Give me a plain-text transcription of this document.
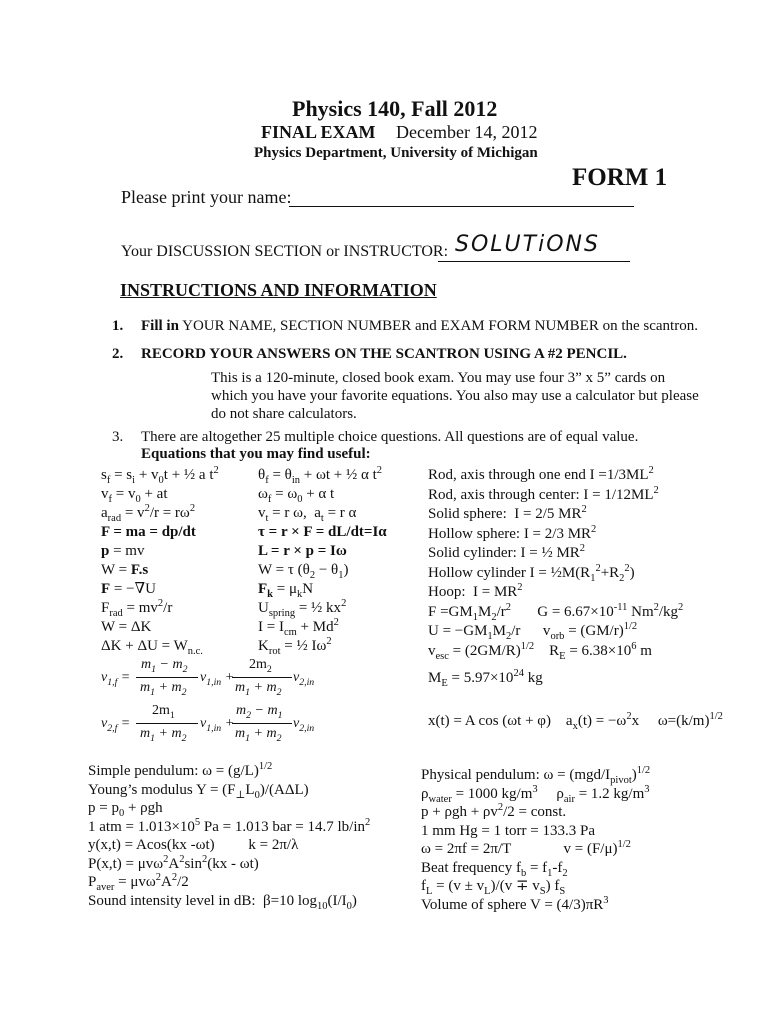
Physics 140, Fall 2012
FINAL EXAM December 14, 2012
Physics Department, University of Michigan
FORM 1
Please print your name:
Your DISCUSSION SECTION or INSTRUCTOR: SOLUTiONS
INSTRUCTIONS AND INFORMATION
1. Fill in YOUR NAME, SECTION NUMBER and EXAM FORM NUMBER on the scantron.
2. RECORD YOUR ANSWERS ON THE SCANTRON USING A #2 PENCIL.
This is a 120-minute, closed book exam. You may use four 3” x 5” cards on
which you have your favorite equations. You also may use a calculator but please
do not share calculators.
3. There are altogether 25 multiple choice questions. All questions are of equal value.
Equations that you may find useful:
$s_f = s_i + v_0t$ + ½ a $t^2$
$v_f = v_0$ + at
$a_{rad} = v^2/r = r\omega^2$
F = ma = dp/dt
p = mv
W = F.s
F = −∇U
$F_{rad} = mv^2/r$
W = ΔK
$\Delta K + \Delta U = W_{n.c.}$
$\theta_f = \theta_{in} + \omega t$ + ½ α $t^2$
$\omega_f = \omega_0 + \alpha$ t
$v_t = r$ ω,  $a_t = r$ α
τ = r × F = dL/dt=Iα
L = r × p = Iω
W = τ $(\theta_2 - \theta_1)$
$F_k = \mu_kN$
$U_{spring}$ = ½ $kx^2$
$I = I_{cm} + Md^2$
$K_{rot}$ = ½ $I\omega^2$
Rod, axis through one end $I =1/3ML^2$
Rod, axis through center: $I = 1/12ML^2$
Solid sphere:  I = 2/5 $MR^2$
Hollow sphere: I = 2/3 $MR^2$
Solid cylinder: I = ½ $MR^2$
Hollow cylinder $I = \frac{1}{2}M(R_1^2+R_2^2)$
Hoop:  $I = MR^2$
$F =GM_1M_2/r^2$       $G = 6.67\times 10^{-11}$ $Nm^2/kg^2$
$U = -GM_1M_2/r$      $v_{orb} = (GM/r)^{1/2}$
$v_{esc} = (2GM/R)^{1/2}$    $R_E = 6.38\times 10^6$ m
$v_{1,f}$ =
$m_1 - m_2$
$m_1 + m_2$
$v_{1,in}$ +
$2m_2$
$m_1 + m_2$
$v_{2,in}$
$v_{2,f}$ =
$2m_1$
$m_1 + m_2$
$v_{1,in}$ +
$m_2 - m_1$
$m_1 + m_2$
$v_{2,in}$
$M_E = 5.97\times 10^{24}$ kg
x(t) = A cos (ωt + φ)    $a_x(t) = -\omega^2x$     $\omega=(k/m)^{1/2}$
Simple pendulum: $\omega = (g/L)^{1/2}$
Young’s modulus $Y = (F_\perp L_0)/(A\Delta L)$
$p = p_0 + \rho gh$
1 atm = $1.013\times 10^5$ Pa = 1.013 bar = 14.7 $lb/in^2$
y(x,t) = Acos(kx -ωt)         k = 2π/λ
$P(x,t) = \mu v\omega^2A^2\sin^2(kx - \omega t)$
$P_{aver} = \mu v\omega^2A^2/2$
Sound intensity level in dB:  β=10 $\log_{10}(I/I_0)$
Physical pendulum: $\omega = (mgd/I_{pivot})^{1/2}$
$\rho_{water} = 1000$ $kg/m^3$     $\rho_{air} = 1.2$ $kg/m^3$
$p + \rho gh + \rho v^2/2$ = const.
1 mm Hg = 1 torr = 133.3 Pa
ω = 2πf = 2π/T              $v = (F/\mu)^{1/2}$
Beat frequency $f_b = f_1-f_2$
$f_L = (v \pm v_L)/(v \mp v_S)$ $f_S$
Volume of sphere $V = (4/3)\pi R^3$
